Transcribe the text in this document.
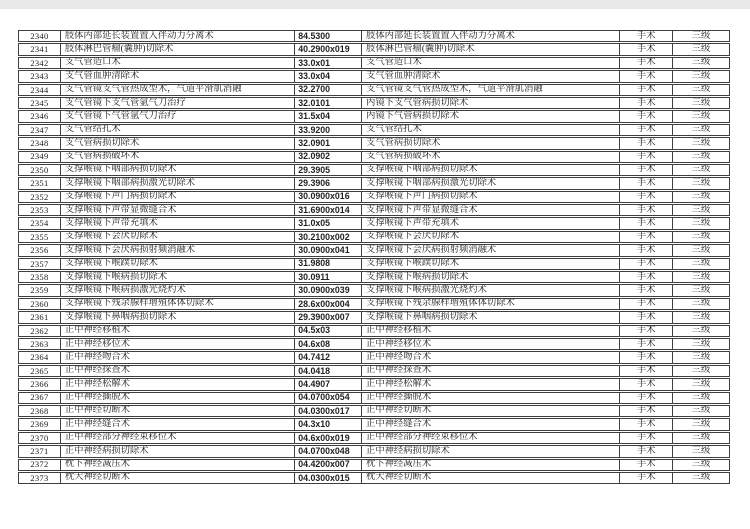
2340	肢体内部延长装置置入伴动力分离术	84.5300	肢体内部延长装置置入伴动力分离术	手术	三级
2341	肢体淋巴管瘤(囊肿)切除术	40.2900x019	肢体淋巴管瘤(囊肿)切除术	手术	三级
2342	支气管造口术	33.0x01	支气管造口术	手术	三级
2343	支气管血肿清除术	33.0x04	支气管血肿清除术	手术	三级
2344	支气管镜支气管热成型术，气道平滑肌消融	32.2700	支气管镜支气管热成型术，气道平滑肌消融	手术	三级
2345	支气管镜下支气管氩气刀治疗	32.0101	内镜下支气管病损切除术	手术	三级
2346	支气管镜下气管氩气刀治疗	31.5x04	内镜下气管病损切除术	手术	三级
2347	支气管结扎术	33.9200	支气管结扎术	手术	三级
2348	支气管病损切除术	32.0901	支气管病损切除术	手术	三级
2349	支气管病损破坏术	32.0902	支气管病损破坏术	手术	三级
2350	支撑喉镜下咽部病损切除术	29.3905	支撑喉镜下咽部病损切除术	手术	三级
2351	支撑喉镜下咽部病损激光切除术	29.3906	支撑喉镜下咽部病损激光切除术	手术	三级
2352	支撑喉镜下声门病损切除术	30.0900x016	支撑喉镜下声门病损切除术	手术	三级
2353	支撑喉镜下声带显微缝合术	31.6900x014	支撑喉镜下声带显微缝合术	手术	三级
2354	支撑喉镜下声带充填术	31.0x05	支撑喉镜下声带充填术	手术	三级
2355	支撑喉镜下会厌切除术	30.2100x002	支撑喉镜下会厌切除术	手术	三级
2356	支撑喉镜下会厌病损射频消融术	30.0900x041	支撑喉镜下会厌病损射频消融术	手术	三级
2357	支撑喉镜下喉蹼切除术	31.9808	支撑喉镜下喉蹼切除术	手术	三级
2358	支撑喉镜下喉病损切除术	30.0911	支撑喉镜下喉病损切除术	手术	三级
2359	支撑喉镜下喉病损激光烧灼术	30.0900x039	支撑喉镜下喉病损激光烧灼术	手术	三级
2360	支撑喉镜下残余腺样增殖体体切除术	28.6x00x004	支撑喉镜下残余腺样增殖体体切除术	手术	三级
2361	支撑喉镜下鼻咽病损切除术	29.3900x007	支撑喉镜下鼻咽病损切除术	手术	三级
2362	正中神经移植术	04.5x03	正中神经移植术	手术	三级
2363	正中神经移位术	04.6x08	正中神经移位术	手术	三级
2364	正中神经吻合术	04.7412	正中神经吻合术	手术	三级
2365	正中神经探查术	04.0418	正中神经探查术	手术	三级
2366	正中神经松解术	04.4907	正中神经松解术	手术	三级
2367	正中神经撕脱术	04.0700x054	正中神经撕脱术	手术	三级
2368	正中神经切断术	04.0300x017	正中神经切断术	手术	三级
2369	正中神经缝合术	04.3x10	正中神经缝合术	手术	三级
2370	正中神经部分神经束移位术	04.6x00x019	正中神经部分神经束移位术	手术	三级
2371	正中神经病损切除术	04.0700x048	正中神经病损切除术	手术	三级
2372	枕下神经减压术	04.4200x007	枕下神经减压术	手术	三级
2373	枕大神经切断术	04.0300x015	枕大神经切断术	手术	三级
